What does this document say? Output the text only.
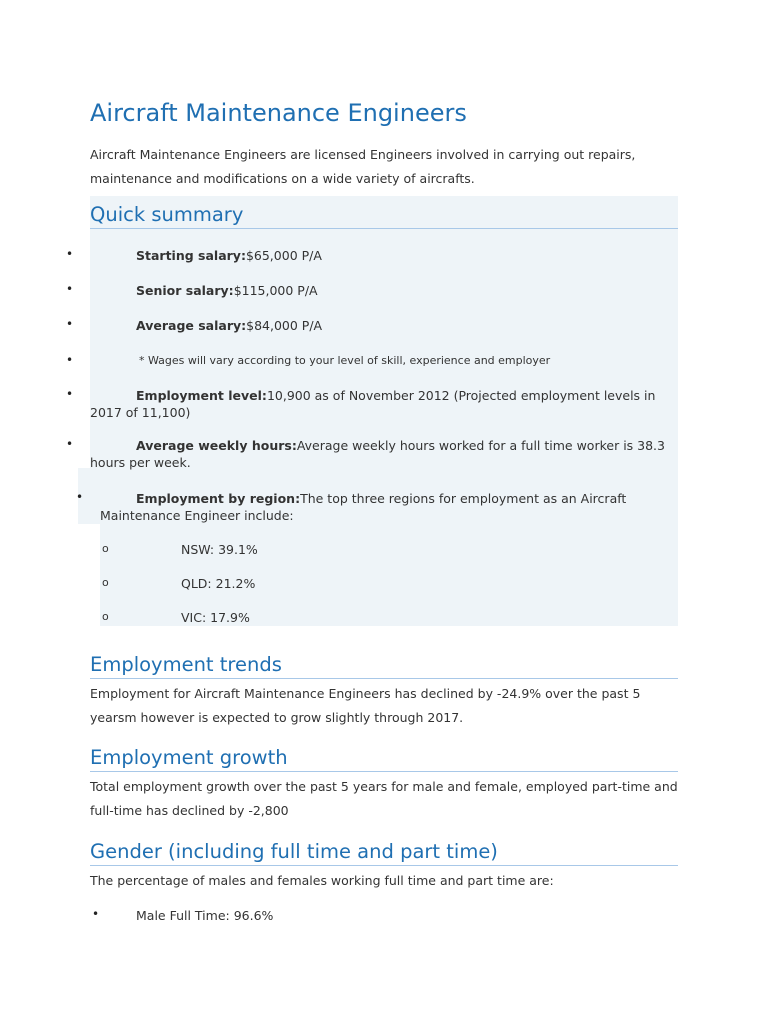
Aircraft Maintenance Engineers

Aircraft Maintenance Engineers are licensed Engineers involved in carrying out repairs, maintenance and modifications on a wide variety of aircrafts.

Quick summary
•	Starting salary:$65,000 P/A
•	Senior salary:$115,000 P/A
•	Average salary:$84,000 P/A
•	* Wages will vary according to your level of skill, experience and employer
•	Employment level:10,900 as of November 2012 (Projected employment levels in
2017 of 11,100)
•	Average weekly hours:Average weekly hours worked for a full time worker is 38.3
hours per week.
•	Employment by region:The top three regions for employment as an Aircraft
Maintenance Engineer include:
o	NSW: 39.1%
o	QLD: 21.2%
o	VIC: 17.9%
Employment trends

Employment for Aircraft Maintenance Engineers has declined by -24.9% over the past 5 yearsm however is expected to grow slightly through 2017.

Employment growth

Total employment growth over the past 5 years for male and female, employed part-time and full-time has declined by -2,800

Gender (including full time and part time)

The percentage of males and females working full time and part time are:

•	Male Full Time: 96.6%
